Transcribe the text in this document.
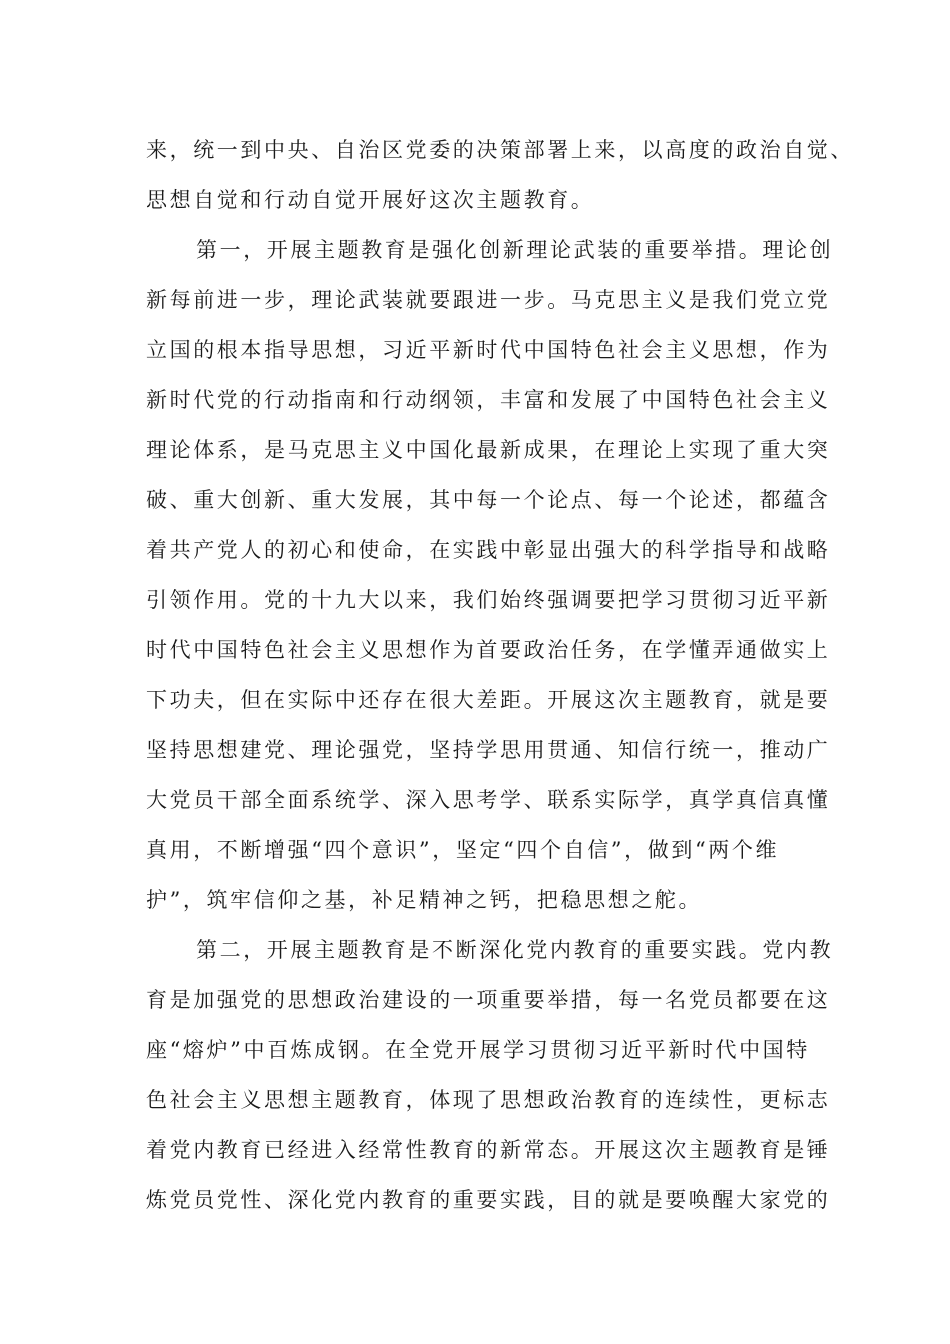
来，统一到中央、自治区党委的决策部署上来，以高度的政治自觉、
思想自觉和行动自觉开展好这次主题教育。
第一，开展主题教育是强化创新理论武装的重要举措。理论创
新每前进一步，理论武装就要跟进一步。马克思主义是我们党立党
立国的根本指导思想，习近平新时代中国特色社会主义思想，作为
新时代党的行动指南和行动纲领，丰富和发展了中国特色社会主义
理论体系，是马克思主义中国化最新成果，在理论上实现了重大突
破、重大创新、重大发展，其中每一个论点、每一个论述，都蕴含
着共产党人的初心和使命，在实践中彰显出强大的科学指导和战略
引领作用。党的十九大以来，我们始终强调要把学习贯彻习近平新
时代中国特色社会主义思想作为首要政治任务，在学懂弄通做实上
下功夫，但在实际中还存在很大差距。开展这次主题教育，就是要
坚持思想建党、理论强党，坚持学思用贯通、知信行统一，推动广
大党员干部全面系统学、深入思考学、联系实际学，真学真信真懂
真用，不断增强“四个意识”，坚定“四个自信”，做到“两个维
护”，筑牢信仰之基，补足精神之钙，把稳思想之舵。
第二，开展主题教育是不断深化党内教育的重要实践。党内教
育是加强党的思想政治建设的一项重要举措，每一名党员都要在这
座“熔炉”中百炼成钢。在全党开展学习贯彻习近平新时代中国特
色社会主义思想主题教育，体现了思想政治教育的连续性，更标志
着党内教育已经进入经常性教育的新常态。开展这次主题教育是锤
炼党员党性、深化党内教育的重要实践，目的就是要唤醒大家党的
